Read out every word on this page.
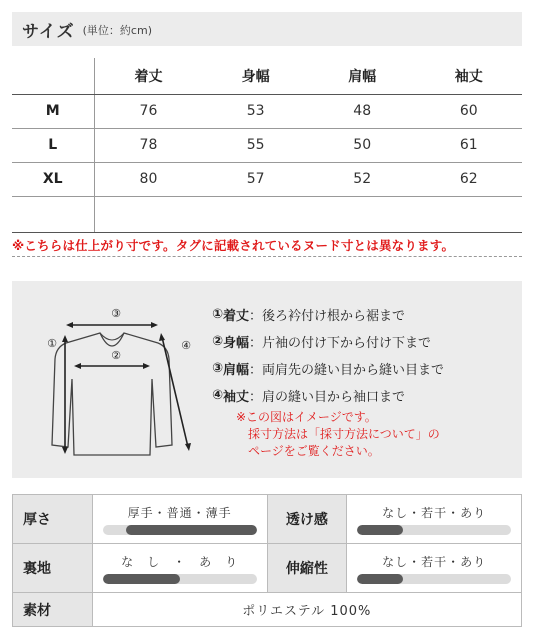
サイズ (単位：約cm)
	着丈	身幅	肩幅	袖丈
M	76	53	48	60
L	78	55	50	61
XL	80	57	52	62

※こちらは仕上がり寸です。タグに記載されているヌード寸とは異なります。
③
②
①	④
① 着丈 ：後ろ衿付け根から裾まで
② 身幅 ：片袖の付け下から付け下まで
③ 肩幅 ：両肩先の縫い目から縫い目まで
④ 袖丈 ：肩の縫い目から袖口まで
※この図はイメージです。
採寸方法は「採寸方法について」の
ページをご覧ください。
厚さ	厚手・普通・薄手	透け感	なし・若干・あり

裏地	な　し　・　あ　り	伸縮性	なし・若干・あり

素材	ポリエステル 100%		
